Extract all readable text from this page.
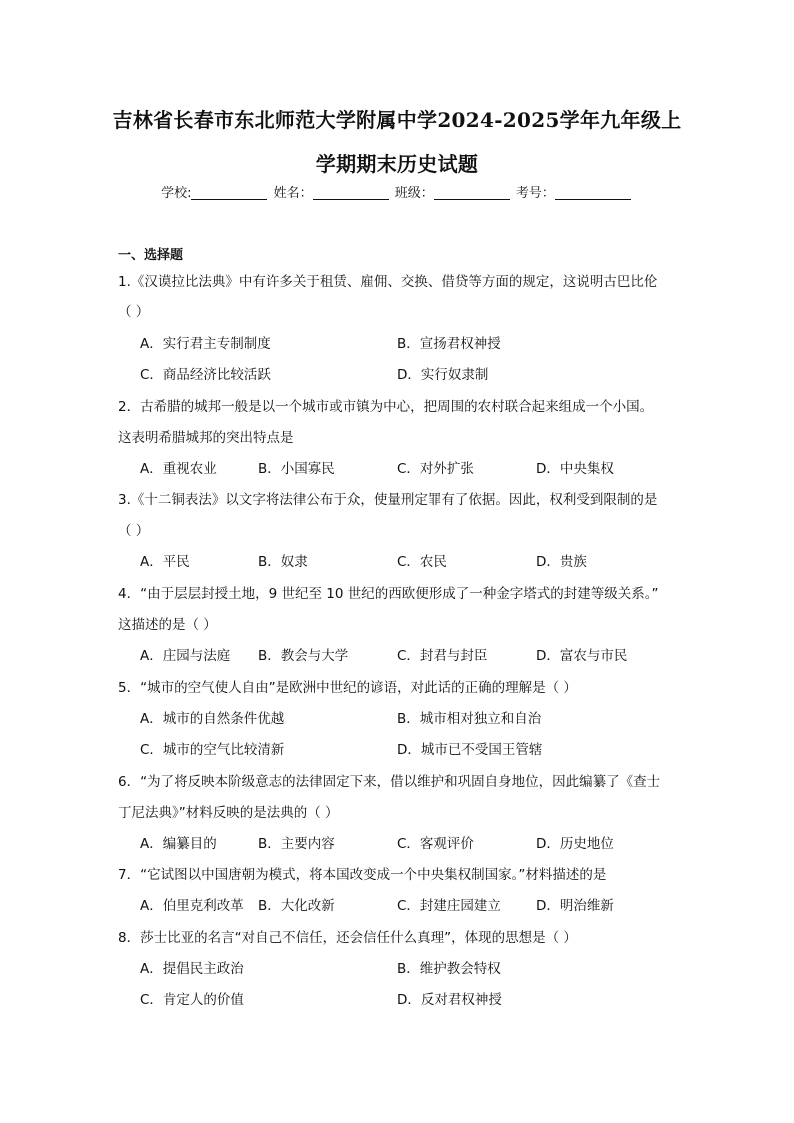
吉林省长春市东北师范大学附属中学2024-2025学年九年级上
学期期末历史试题
学校:	姓名：	班级：	考号：
一、选择题
1.《汉谟拉比法典》中有许多关于租赁、雇佣、交换、借贷等方面的规定，这说明古巴比伦
（ ）
A．实行君主专制制度	B．宣扬君权神授
C．商品经济比较活跃	D．实行奴隶制
2．古希腊的城邦一般是以一个城市或市镇为中心，把周围的农村联合起来组成一个小国。
这表明希腊城邦的突出特点是
A．重视农业	B．小国寡民	C．对外扩张	D．中央集权
3.《十二铜表法》以文字将法律公布于众，使量刑定罪有了依据。因此，权利受到限制的是
（ ）
A．平民	B．奴隶	C．农民	D．贵族
4．“由于层层封授土地，9 世纪至 10 世纪的西欧便形成了一种金字塔式的封建等级关系。”
这描述的是（ ）
A．庄园与法庭 B．教会与大学	C．封君与封臣	D．富农与市民
5．“城市的空气使人自由”是欧洲中世纪的谚语，对此话的正确的理解是（ ）
A．城市的自然条件优越	B．城市相对独立和自治
C．城市的空气比较清新	D．城市已不受国王管辖
6．“为了将反映本阶级意志的法律固定下来，借以维护和巩固自身地位，因此编纂了《查士
丁尼法典》”材料反映的是法典的（ ）
A．编纂目的	B．主要内容	C．客观评价	D．历史地位
7．“它试图以中国唐朝为模式，将本国改变成一个中央集权制国家。”材料描述的是
A．伯里克利改革 B．大化改新	C．封建庄园建立	D．明治维新
8．莎士比亚的名言“对自己不信任，还会信任什么真理”，体现的思想是（ ）
A．提倡民主政治	B．维护教会特权
C．肯定人的价值	D．反对君权神授
